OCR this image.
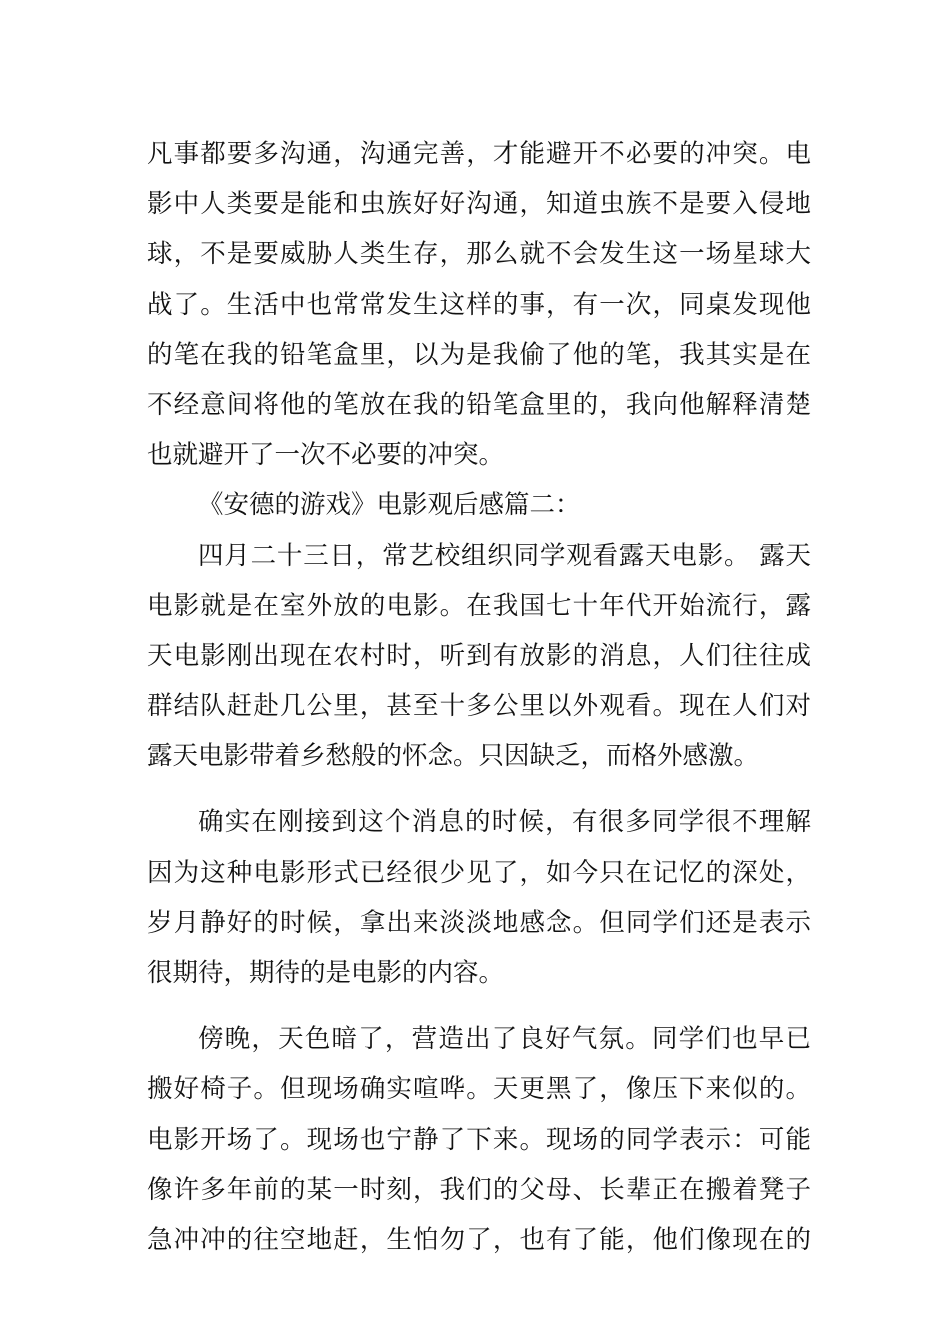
凡事都要多沟通，沟通完善，才能避开不必要的冲突。电
影中人类要是能和虫族好好沟通，知道虫族不是要入侵地
球，不是要威胁人类生存，那么就不会发生这一场星球大
战了。生活中也常常发生这样的事，有一次，同桌发现他
的笔在我的铅笔盒里，以为是我偷了他的笔，我其实是在
不经意间将他的笔放在我的铅笔盒里的，我向他解释清楚
也就避开了一次不必要的冲突。
《安德的游戏》电影观后感篇二：
四月二十三日，常艺校组织同学观看露天电影。 露天
电影就是在室外放的电影。在我国七十年代开始流行，露
天电影刚出现在农村时，听到有放影的消息，人们往往成
群结队赶赴几公里，甚至十多公里以外观看。现在人们对
露天电影带着乡愁般的怀念。只因缺乏，而格外感激。
确实在刚接到这个消息的时候，有很多同学很不理解
因为这种电影形式已经很少见了，如今只在记忆的深处，
岁月静好的时候，拿出来淡淡地感念。但同学们还是表示
很期待，期待的是电影的内容。
傍晚，天色暗了，营造出了良好气氛。同学们也早已
搬好椅子。但现场确实喧哗。天更黑了，像压下来似的。
电影开场了。现场也宁静了下来。现场的同学表示：可能
像许多年前的某一时刻，我们的父母、长辈正在搬着凳子
急冲冲的往空地赶，生怕勿了，也有了能，他们像现在的
